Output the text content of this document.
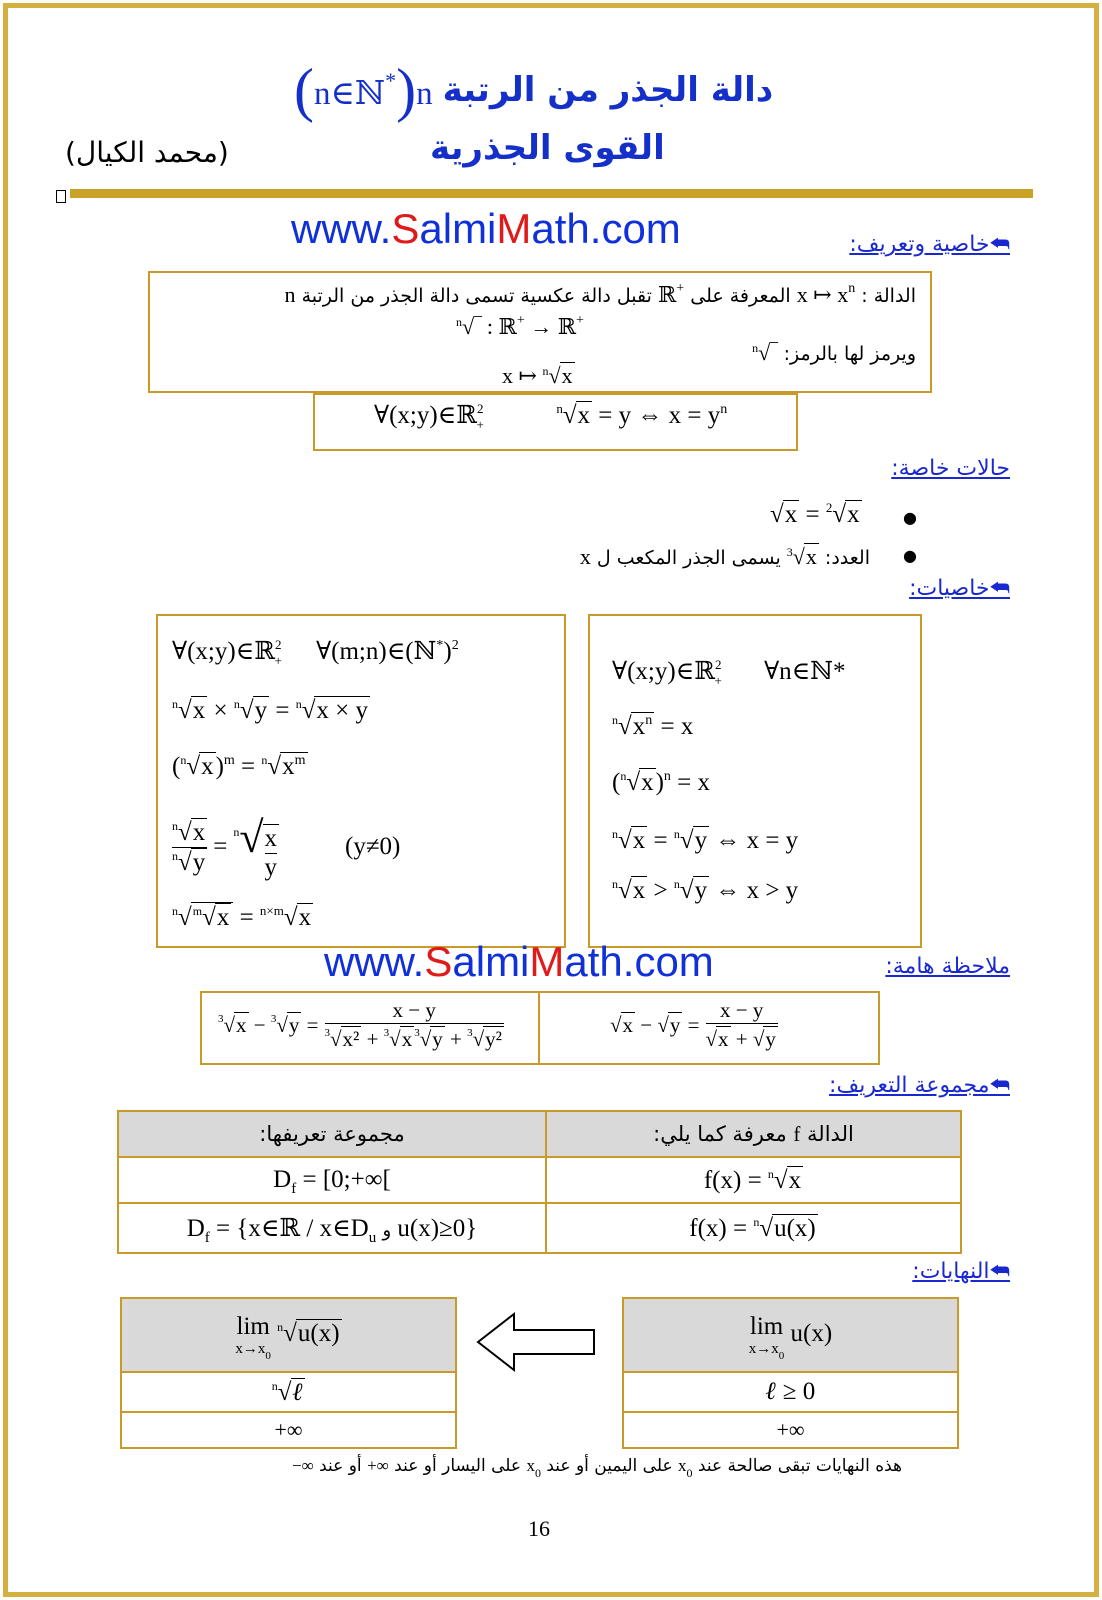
(n∈ℕ*)n دالة الجذر من الرتبة
القوى الجذرية
(محمد الكيال)
www.SalmiMath.com	⮪خاصية وتعريف:
الدالة : x ↦ $x^n$ المعرفة على ℝ+ تقبل دالة عكسية تسمى دالة الجذر من الرتبة n
$^n$√‾ : ℝ+ → ℝ+
ويرمز لها بالرمز: $^n$√‾
x ↦ $^n$√x
∀(x;y)∈ℝ$^2_+$  $^n$√x = y ⇔ $x = y^n$
حالات خاصة:
√x = $^2$√x	●
العدد: $^3$√x يسمى الجذر المكعب ل x	●
⮪خاصيات:
∀(x;y)∈ℝ$^2_+$ ∀(m;n)∈(ℕ*)$^2$
$^n$√x × $^n$√y = $^n$√x × y
$(^n√x)^m = ^n√x^m$
$\frac{^n√x}{^n√y}$ =
$^n√ \frac{x}{y}$	(y≠0)
$^n$√$^m$√x = $^{n\times m}$√x
∀(x;y)∈ℝ$^2_+$ ∀n∈ℕ*
$^n√x^n = x$
$(^n√x)^n = x$
$^n$√x = $^n$√y ⇔ x = y
$^n$√x > $^n$√y ⇔ x > y
www.SalmiMath.com	ملاحظة هامة:
$^3√x - ^3√y = \frac{x - y}{^3√x^2 + ^3√x ^3√y + ^3√y^2}$	$√x - √y = \frac{x - y}{√x + √y}$
⮪مجموعة التعريف:
مجموعة تعريفها:	الدالة f معرفة كما يلي:
$D_f$ = [0;+∞[	f(x) = $^n$√x
$D_f$ = {x∈ℝ / $x\in D_u$ و u(x)≥0}	f(x) = $^n$√u(x)
⮪النهايات:
lim
$x\to x_0$
$^n$√u(x)
$^n$√ℓ
+∞
lim
$x\to x_0$
u(x)
ℓ ≥ 0
+∞
هذه النهايات تبقى صالحة عند $x_0$ على اليمين أو عند $x_0$ على اليسار أو عند +∞ أو عند −∞
16
